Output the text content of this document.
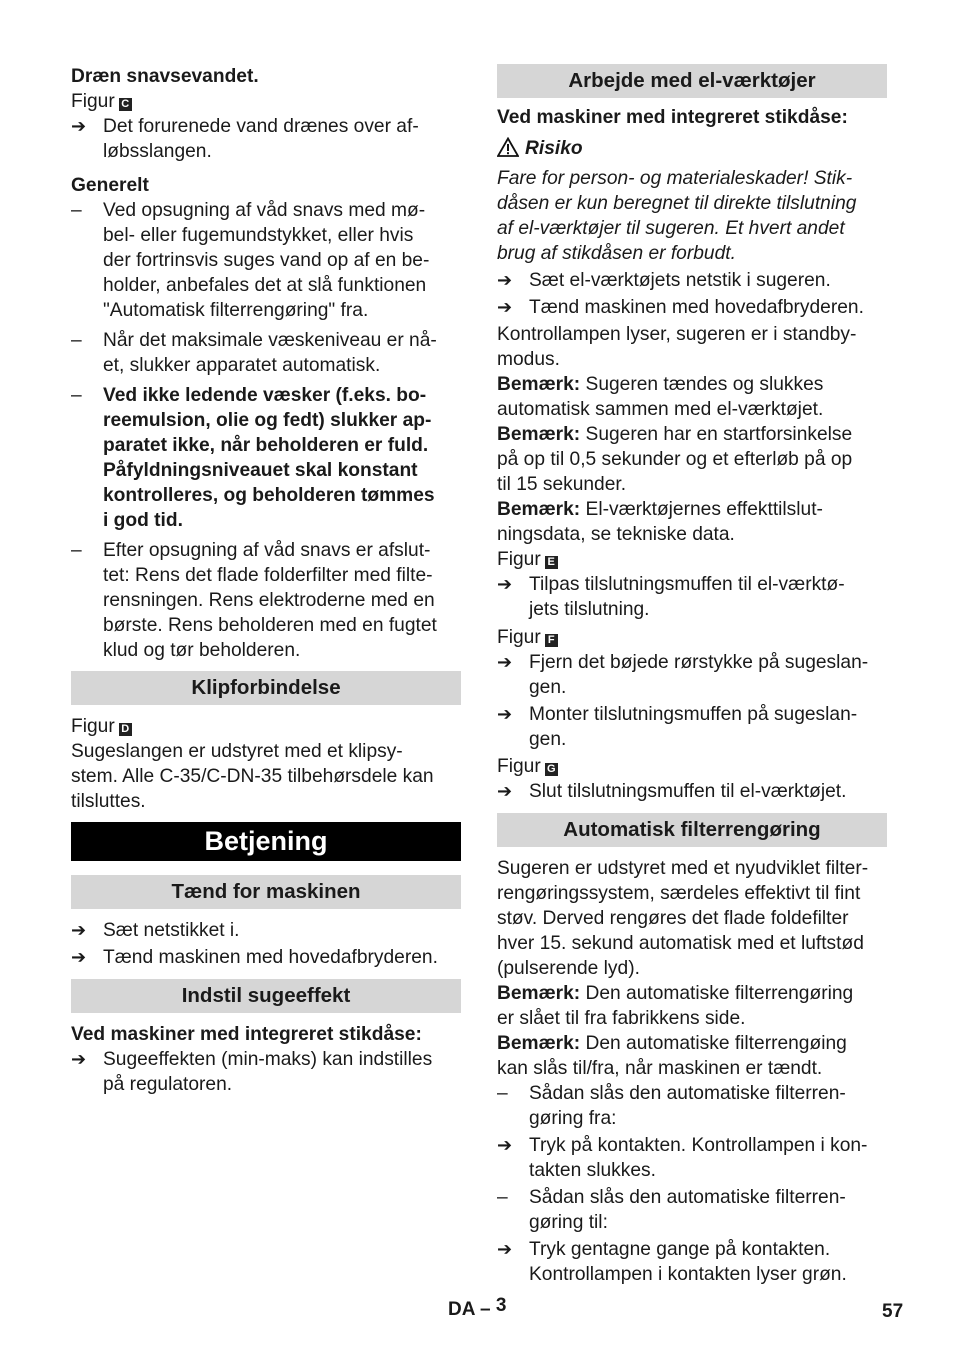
Dræn snavsevandet.

Figur C

➔ Det forurenede vand drænes over af-
løbsslangen.

Generelt

–	Ved opsugning af våd snavs med mø-
bel- eller fugemundstykket, eller hvis
der fortrinsvis suges vand op af en be-
holder, anbefales det at slå funktionen
"Automatisk filterrengøring" fra.
–	Når det maksimale væskeniveau er nå-
et, slukker apparatet automatisk.
–	Ved ikke ledende væsker (f.eks. bo-
reemulsion, olie og fedt) slukker ap-
paratet ikke, når beholderen er fuld.
Påfyldningsniveauet skal konstant
kontrolleres, og beholderen tømmes
i god tid.
–	Efter opsugning af våd snavs er afslut-
tet: Rens det flade folderfilter med filte-
rensningen. Rens elektroderne med en
børste. Rens beholderen med en fugtet
klud og tør beholderen.
Klipforbindelse

Figur D

Sugeslangen er udstyret med et klipsy-
stem. Alle C-35/C-DN-35 tilbehørsdele kan
tilsluttes.

Betjening
Tænd for maskinen
➔ Sæt netstikket i.
➔ Tænd maskinen med hovedafbryderen.
Indstil sugeeffekt

Ved maskiner med integreret stikdåse:

➔ Sugeeffekten (min-maks) kan indstilles
på regulatoren.
Arbejde med el-værktøjer

Ved maskiner med integreret stikdåse:

Risiko

Fare for person- og materialeskader! Stik-
dåsen er kun beregnet til direkte tilslutning
af el-værktøjer til sugeren. Et hvert andet
brug af stikdåsen er forbudt.

➔ Sæt el-værktøjets netstik i sugeren.
➔ Tænd maskinen med hovedafbryderen.

Kontrollampen lyser, sugeren er i standby-
modus.

Bemærk: Sugeren tændes og slukkes
automatisk sammen med el-værktøjet.

Bemærk: Sugeren har en startforsinkelse
på op til 0,5 sekunder og et efterløb på op
til 15 sekunder.

Bemærk: El-værktøjernes effekttilslut-
ningsdata, se tekniske data.

Figur E

➔ Tilpas tilslutningsmuffen til el-værktø-
jets tilslutning.

Figur F

➔ Fjern det bøjede rørstykke på sugeslan-
gen.
➔ Monter tilslutningsmuffen på sugeslan-
gen.

Figur G

➔ Slut tilslutningsmuffen til el-værktøjet.
Automatisk filterrengøring

Sugeren er udstyret med et nyudviklet filter-
rengøringssystem, særdeles effektivt til fint
støv. Derved rengøres det flade foldefilter
hver 15. sekund automatisk med et luftstød
(pulserende lyd).

Bemærk: Den automatiske filterrengøring
er slået til fra fabrikkens side.

Bemærk: Den automatiske filterrengøing
kan slås til/fra, når maskinen er tændt.

–	Sådan slås den automatiske filterren-
gøring fra:
➔ Tryk på kontakten. Kontrollampen i kon-
takten slukkes.
–	Sådan slås den automatiske filterren-
gøring til:
➔ Tryk gentagne gange på kontakten.
Kontrollampen i kontakten lyser grøn.
DA – 3	57
